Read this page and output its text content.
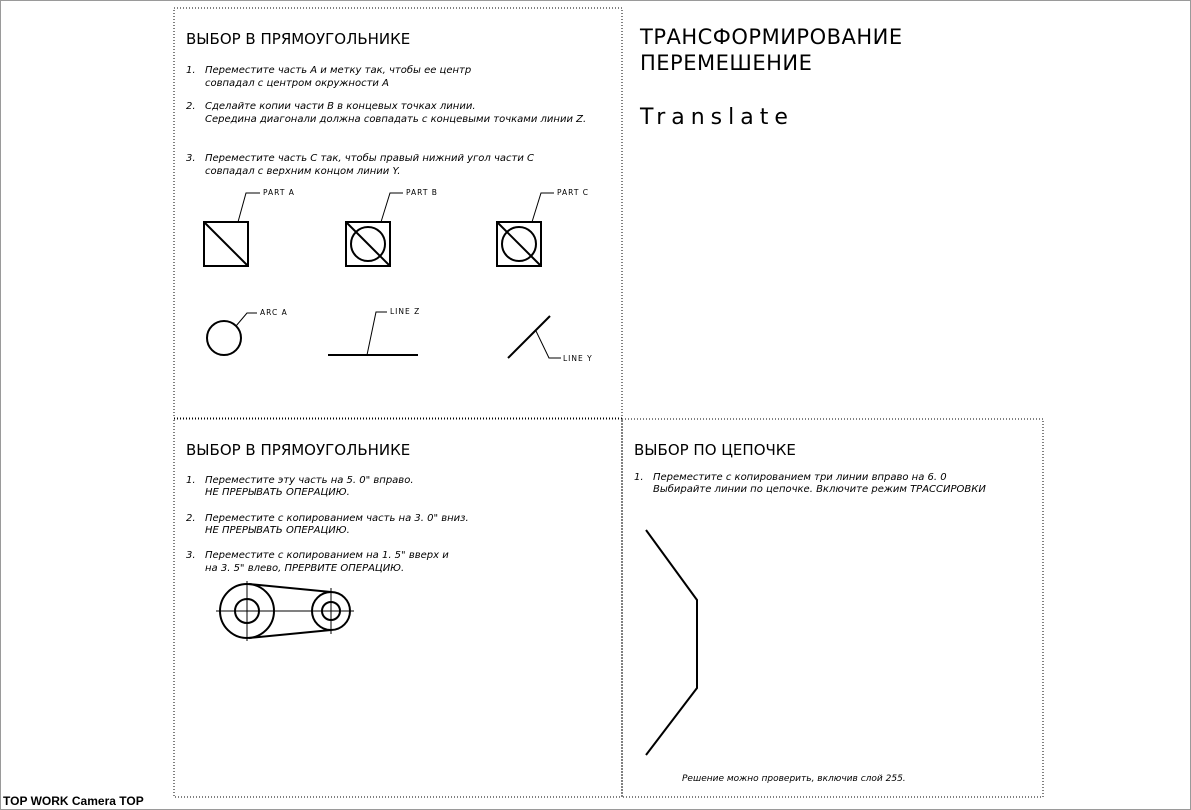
ТРАНСФОРМИРОВАНИЕ
ПЕРЕМЕШЕНИЕ
Translate
ВЫБОР В ПРЯМОУГОЛЬНИКЕ
1. Переместите часть A и метку так, чтобы ее центр
совпадал с центром окружности A
2. Сделайте копии части B в концевых точках линии.
Середина диагонали должна совпадать с концевыми точками линии Z.
3. Переместите часть C так, чтобы правый нижний угол части C
совпадал с верхним концом линии Y.
PART A	PART B	PART C
ARC A	LINE Z
LINE Y
ВЫБОР В ПРЯМОУГОЛЬНИКЕ
1. Переместите эту часть на 5. 0" вправо.
НЕ ПРЕРЫВАТЬ ОПЕРАЦИЮ.
2. Переместите с копированием часть на 3. 0" вниз.
НЕ ПРЕРЫВАТЬ ОПЕРАЦИЮ.
3. Переместите с копированием на 1. 5" вверх и
на 3. 5" влево, ПРЕРВИТЕ ОПЕРАЦИЮ.
ВЫБОР ПО ЦЕПОЧКЕ
1. Переместите с копированием три линии вправо на 6. 0
Выбирайте линии по цепочке. Включите режим ТРАССИРОВКИ
Решение можно проверить, включив слой 255.
TOP WORK Camera TOP
